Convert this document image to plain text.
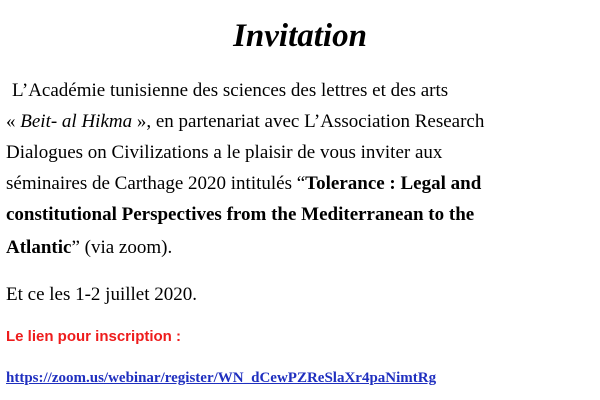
Invitation
L’Académie tunisienne des sciences des lettres et des arts
« Beit- al Hikma », en partenariat avec L’Association Research
Dialogues on Civilizations a le plaisir de vous inviter aux
séminaires de Carthage 2020 intitulés “Tolerance : Legal and
constitutional Perspectives from the Mediterranean to the
Atlantic” (via zoom).
Et ce les 1-2 juillet 2020.
Le lien pour inscription :
https://zoom.us/webinar/register/WN_dCewPZReSlaXr4paNimtRg
